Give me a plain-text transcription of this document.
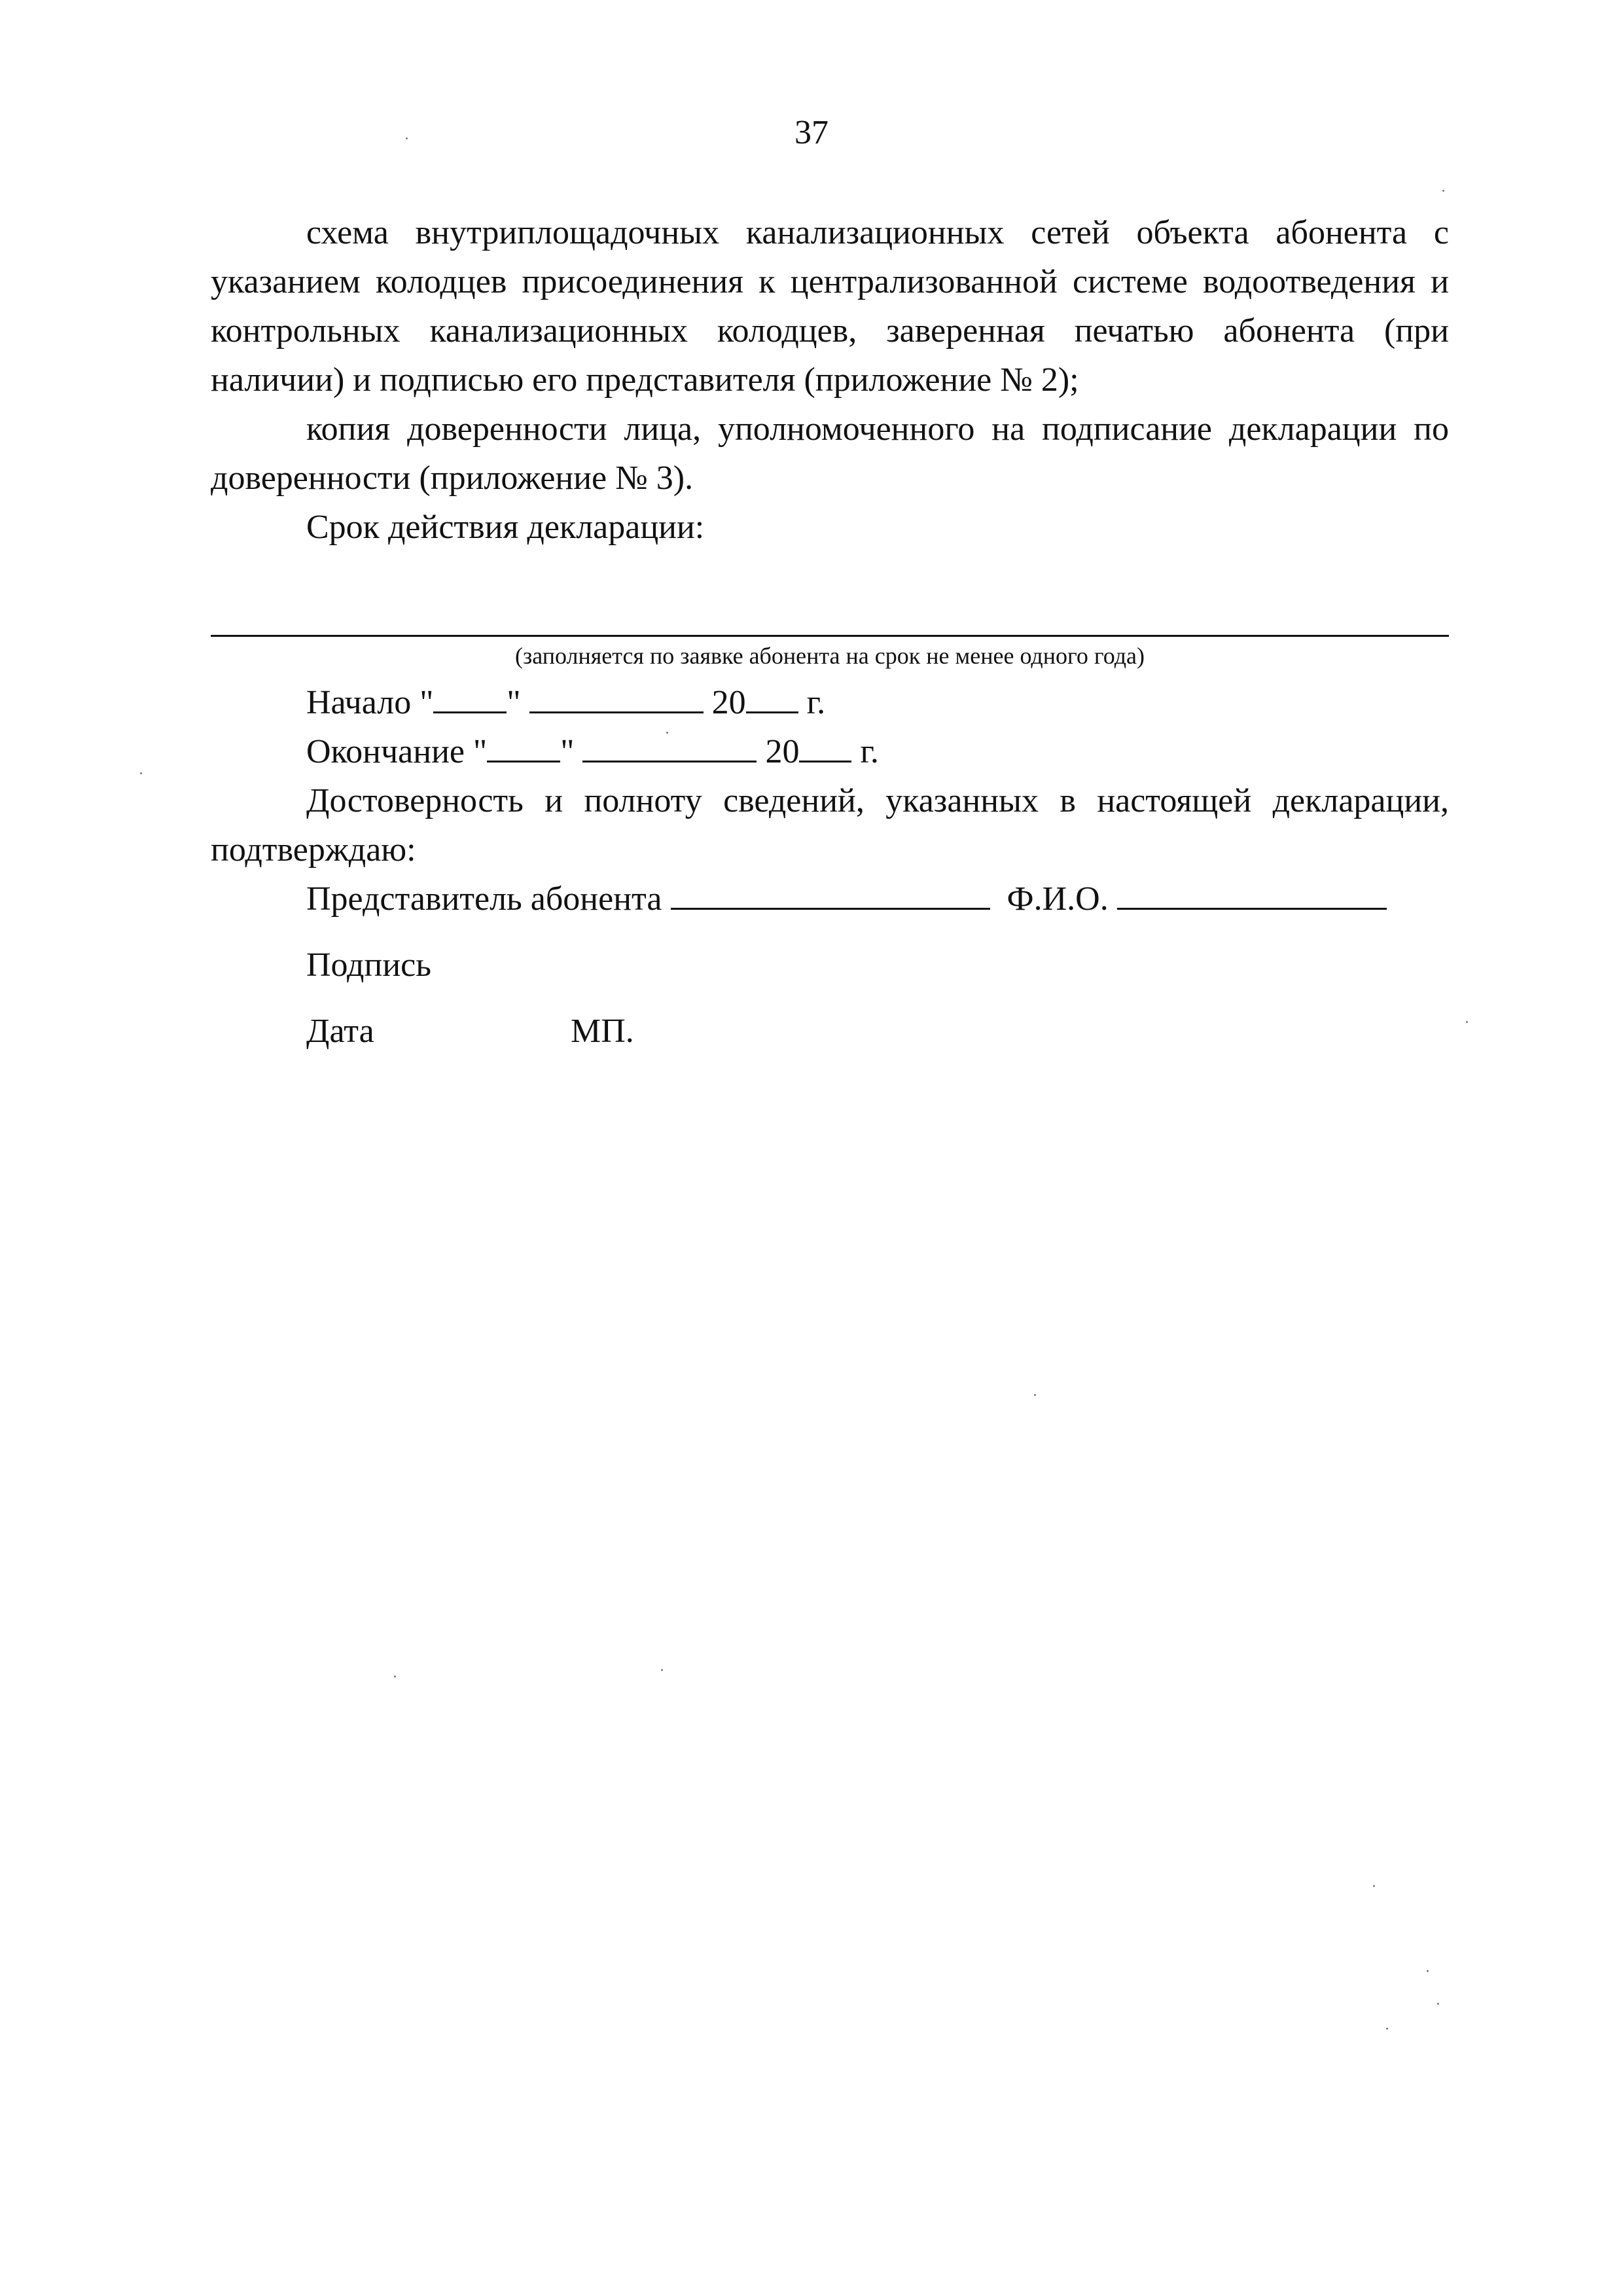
37

схема внутриплощадочных канализационных сетей объекта абонента с указанием колодцев присоединения к централизованной системе водоотведения и контрольных канализационных колодцев, заверенная печатью абонента (при наличии) и подписью его представителя (приложение № 2);

копия доверенности лица, уполномоченного на подписание декларации по доверенности (приложение № 3).

Срок действия декларации:

(заполняется по заявке абонента на срок не менее одного года)

Начало " "	20 г.

Окончание " "	20 г.

Достоверность и полноту сведений, указанных в настоящей декларации, подтверждаю:

Представитель абонента	Ф.И.О.

Подпись

Дата	МП.
